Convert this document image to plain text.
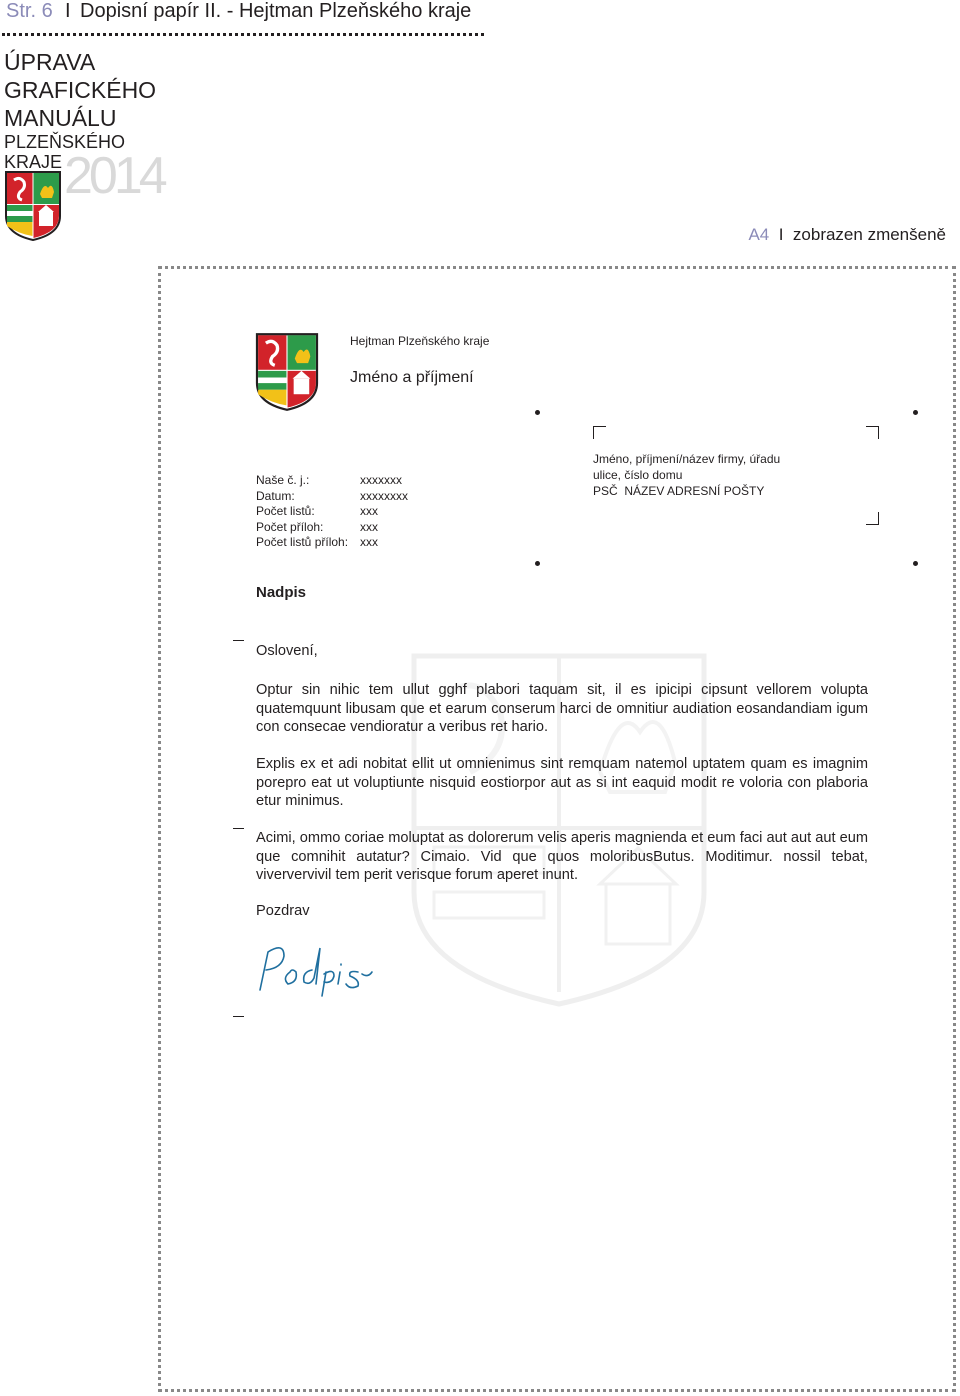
Str. 6 I Dopisní papír II. - Hejtman Plzeňského kraje
ÚPRAVA
GRAFICKÉHO
MANUÁLU
PLZEŇSKÉHO
KRAJE 2014
A4 I zobrazen zmenšeně
Hejtman Plzeňského kraje
Jméno a příjmení
Naše č. j.:	xxxxxxx
Datum:	xxxxxxxx
Počet listů:	xxx
Počet příloh:	xxx
Počet listů příloh: xxx
Jméno, příjmení/název firmy, úřadu
ulice, číslo domu
PSČ  NÁZEV ADRESNÍ POŠTY
Nadpis
Oslovení,
Optur sin nihic tem ullut gghf plabori taquam sit, il es ipicipi cipsunt vellorem volupta quatemquunt libusam que et earum conserum harci de omnitiur audiation eosandandiam igum con consecae vendioratur a veribus ret hario.
Explis ex et adi nobitat ellit ut omnienimus sint remquam natemol uptatem quam es imagnim porepro eat ut voluptiunte nisquid eostiorpor aut as si int eaquid modit re voloria con plaboria etur minimus.
Acimi, ommo coriae moluptat as dolorerum velis aperis magnienda et eum faci aut aut aut eum que comnihit autatur? Cimaio. Vid que quos moloribusButus. Moditimur. nossil tebat, viververvivil tem perit verisque forum aperet inunt.
Pozdrav
